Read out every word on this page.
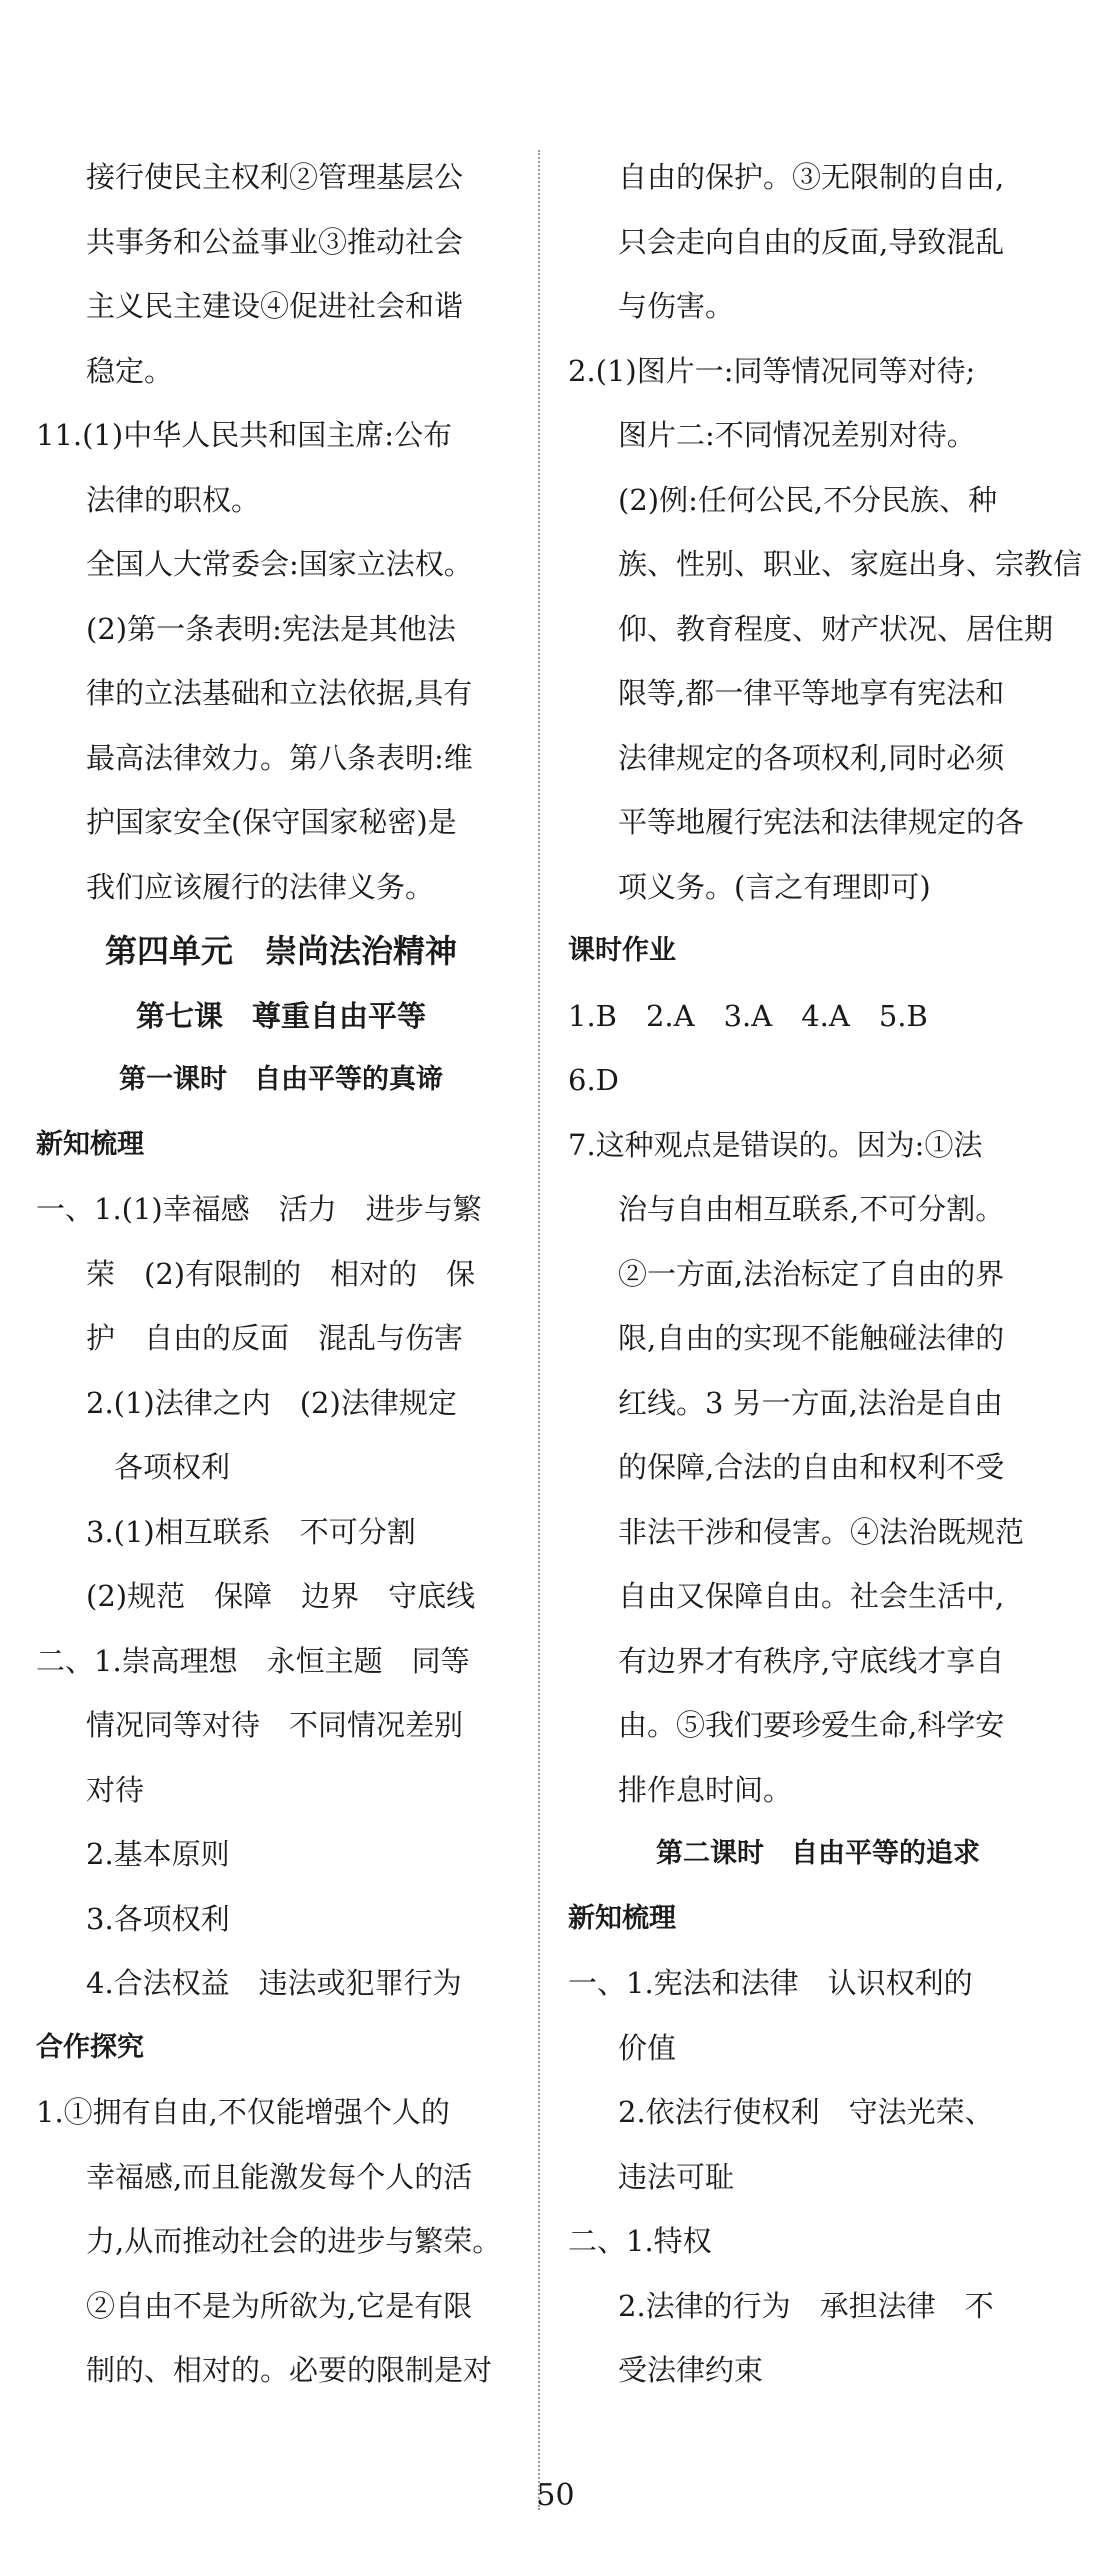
接行使民主权利②管理基层公
共事务和公益事业③推动社会
主义民主建设④促进社会和谐
稳定。
11.(1)中华人民共和国主席:公布
法律的职权。
全国人大常委会:国家立法权。
(2)第一条表明:宪法是其他法
律的立法基础和立法依据,具有
最高法律效力。第八条表明:维
护国家安全(保守国家秘密)是
我们应该履行的法律义务。
第四单元　崇尚法治精神
第七课　尊重自由平等
第一课时　自由平等的真谛
新知梳理
一、1.(1)幸福感　活力　进步与繁
荣　(2)有限制的　相对的　保
护　自由的反面　混乱与伤害
2.(1)法律之内　(2)法律规定
各项权利
3.(1)相互联系　不可分割
(2)规范　保障　边界　守底线
二、1.崇高理想　永恒主题　同等
情况同等对待　不同情况差别
对待
2.基本原则
3.各项权利
4.合法权益　违法或犯罪行为
合作探究
1.①拥有自由,不仅能增强个人的
幸福感,而且能激发每个人的活
力,从而推动社会的进步与繁荣。
②自由不是为所欲为,它是有限
制的、相对的。必要的限制是对
自由的保护。③无限制的自由,
只会走向自由的反面,导致混乱
与伤害。
2.(1)图片一:同等情况同等对待;
图片二:不同情况差别对待。
(2)例:任何公民,不分民族、种
族、性别、职业、家庭出身、宗教信
仰、教育程度、财产状况、居住期
限等,都一律平等地享有宪法和
法律规定的各项权利,同时必须
平等地履行宪法和法律规定的各
项义务。(言之有理即可)
课时作业
1.B　2.A　3.A　4.A　5.B
6.D
7.这种观点是错误的。因为:①法
治与自由相互联系,不可分割。
②一方面,法治标定了自由的界
限,自由的实现不能触碰法律的
红线。3 另一方面,法治是自由
的保障,合法的自由和权利不受
非法干涉和侵害。④法治既规范
自由又保障自由。社会生活中,
有边界才有秩序,守底线才享自
由。⑤我们要珍爱生命,科学安
排作息时间。
第二课时　自由平等的追求
新知梳理
一、1.宪法和法律　认识权利的
价值
2.依法行使权利　守法光荣、
违法可耻
二、1.特权
2.法律的行为　承担法律　不
受法律约束
50
